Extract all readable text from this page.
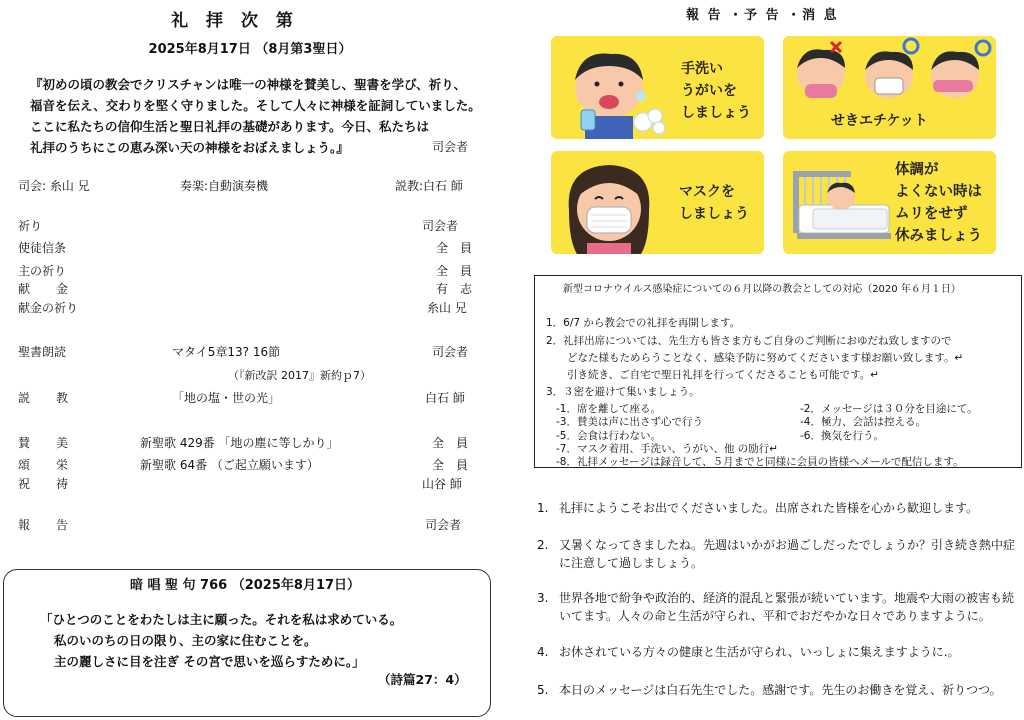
礼 拝 次 第
2025年8月17日 （8月第3聖日）

『初めの頃の教会でクリスチャンは唯一の神様を賛美し、聖書を学び、祈り、

福音を伝え、交わりを堅く守りました。そして人々に神様を証詞していました。

ここに私たちの信仰生活と聖日礼拝の基礎があります。今日、私たちは

礼拝のうちにこの恵み深い天の神様をおぼえましょう。』	司会者
司会: 糸山 兄	奏楽:自動演奏機	説教:白石 師
祈り	司会者
使徒信条	全　員
主の祈り	全　員
献金	有　志
献金の祈り	糸山 兄
聖書朗読	マタイ5章13? 16節	司会者
説教	「地の塩・世の光」	白石 師
賛美	新聖歌 429番 「地の塵に等しかり」	全　員
頌栄	新聖歌 64番 （ご起立願います）	全　員
祝祷	山谷 師
報告	司会者
（『新改訳 2017』新約ｐ7）
暗 唱 聖 句 766 （2025年8月17日）
「ひとつのことをわたしは主に願った。それを私は求めている。
私のいのちの日の限り、主の家に住むことを。
主の麗しさに目を注ぎ その宮で思いを巡らすために。」
（詩篇27：4）
報 告 ・予 告 ・消 息
手洗い
うがいを
しましょう	せきエチケット
マスクを
しましょう
体調が
よくない時は
ムリをせず
休みましょう
新型コロナウイルス感染症についての６月以降の教会としての対応（2020 年６月１日）
1．6/7 から教会での礼拝を再開します。
2．礼拝出席については、先生方も皆さま方もご自身のご判断におゆだね致しますので
どなた様もためらうことなく、感染予防に努めてくださいます様お願い致します。↵
引き続き、ご自宅で聖日礼拝を行ってくださることも可能です。↵
3．３密を避けて集いましょう。
-1．席を離して座る。	-2．メッセージは３０分を目途にて。
-3．賛美は声に出さず心で行う	-4．極力、会話は控える。
-5．会食は行わない。	-6．換気を行う。
-7．マスク着用、手洗い、うがい、他 の励行↵
-8．礼拝メッセージは録音して、５月までと同様に会員の皆様へメールで配信します。
1. 礼拝にようこそお出でくださいました。出席された皆様を心から歓迎します。
2. 又暑くなってきましたね。先週はいかがお過ごしだったでしょうか？引き続き熱中症に注意して過しましょう。
3. 世界各地で紛争や政治的、経済的混乱と緊張が続いています。地震や大雨の被害も続いてます。人々の命と生活が守られ、平和でおだやかな日々でありますように。
4. お休されている方々の健康と生活が守られ、いっしょに集えますように.。
5. 本日のメッセージは白石先生でした。感謝です。先生のお働きを覚え、祈りつつ。
